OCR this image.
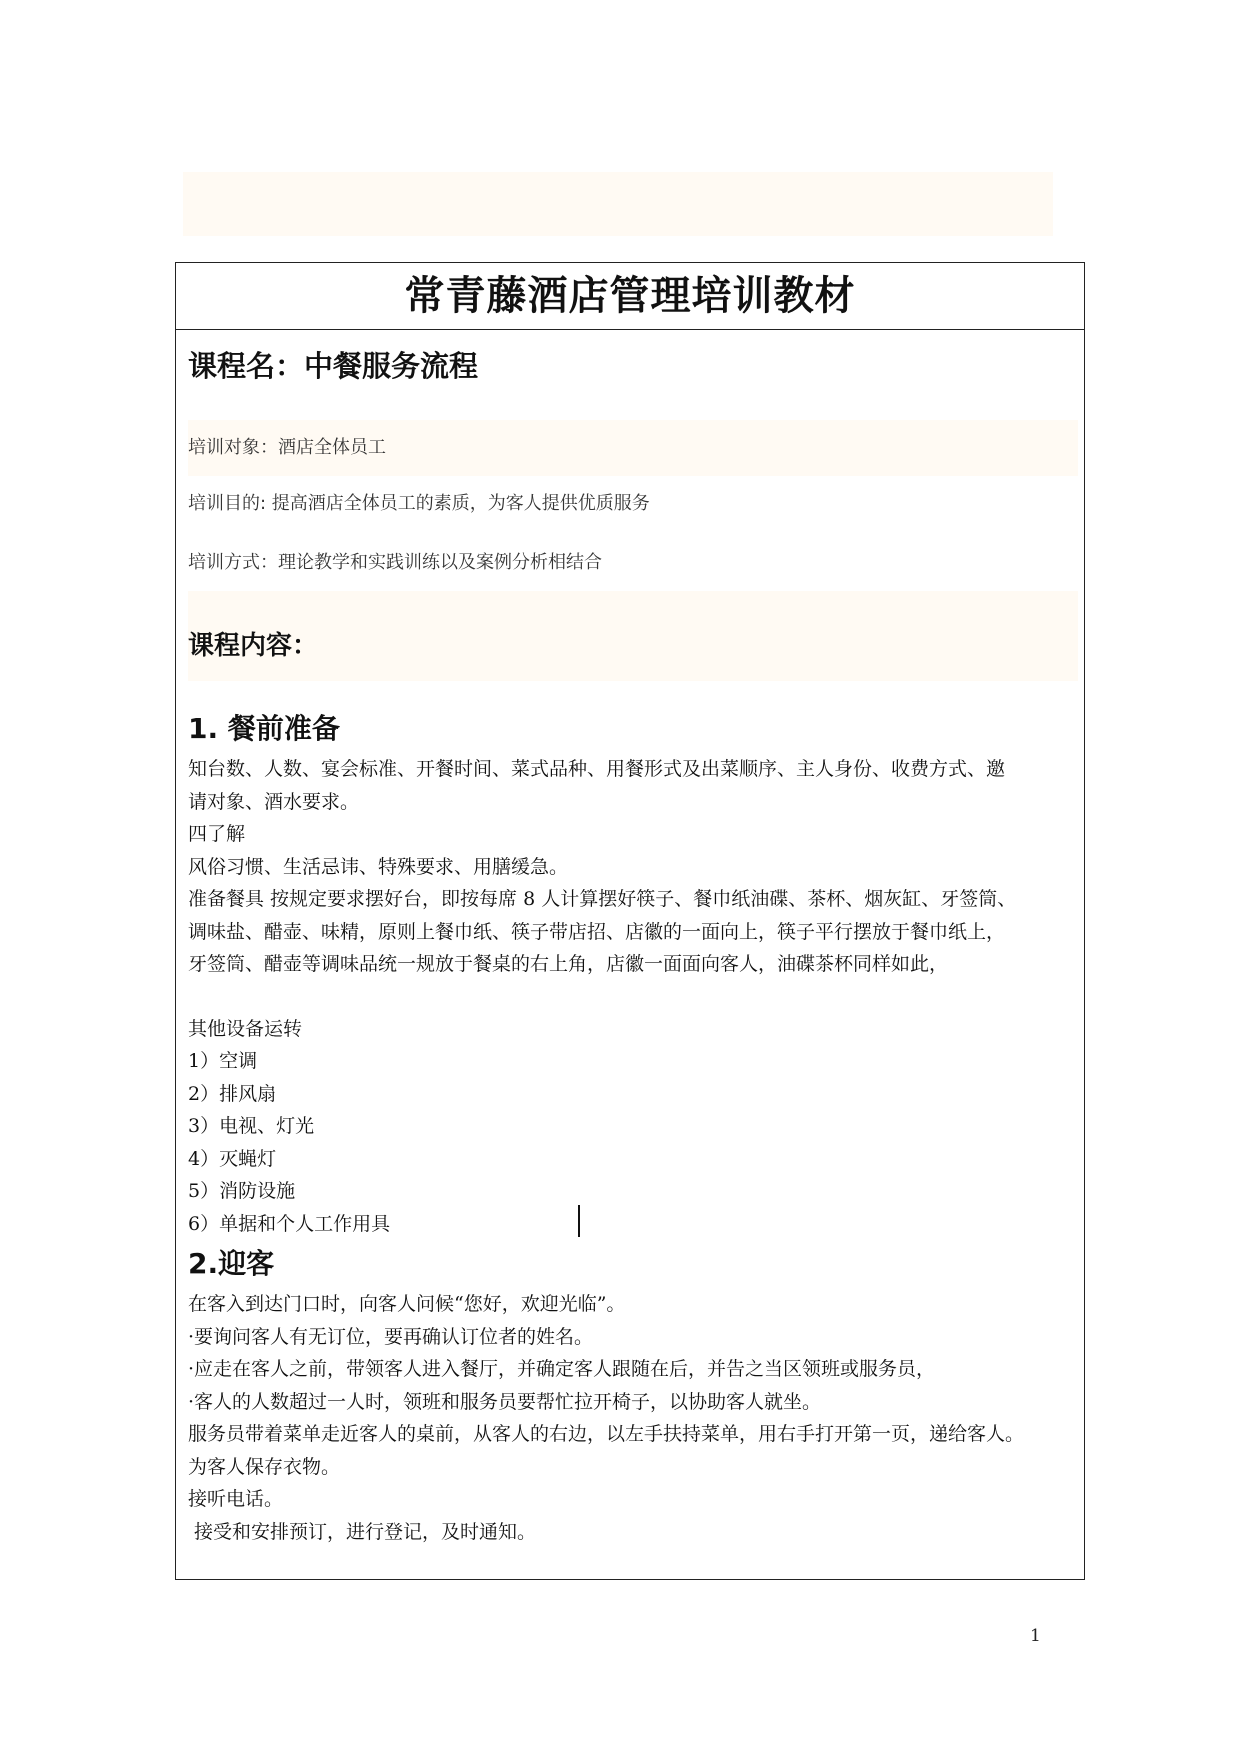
常青藤酒店管理培训教材
课程名：中餐服务流程
培训对象：酒店全体员工
培训目的: 提高酒店全体员工的素质，为客人提供优质服务
培训方式：理论教学和实践训练以及案例分析相结合
课程内容：
1. 餐前准备
知台数、人数、宴会标准、开餐时间、菜式品种、用餐形式及出菜顺序、主人身份、收费方式、邀
请对象、酒水要求。
四了解
风俗习惯、生活忌讳、特殊要求、用膳缓急。
准备餐具 按规定要求摆好台，即按每席 8 人计算摆好筷子、餐巾纸油碟、茶杯、烟灰缸、牙签筒、
调味盐、醋壶、味精，原则上餐巾纸、筷子带店招、店徽的一面向上，筷子平行摆放于餐巾纸上，
牙签筒、醋壶等调味品统一规放于餐桌的右上角，店徽一面面向客人，油碟茶杯同样如此，
其他设备运转
1）空调
2）排风扇
3）电视、灯光
4）灭蝇灯
5）消防设施
6）单据和个人工作用具
2.迎客
在客入到达门口时，向客人问候“您好，欢迎光临”。
·要询问客人有无订位，要再确认订位者的姓名。
·应走在客人之前，带领客人进入餐厅，并确定客人跟随在后，并告之当区领班或服务员，
·客人的人数超过一人时，领班和服务员要帮忙拉开椅子，以协助客人就坐。
服务员带着菜单走近客人的桌前，从客人的右边，以左手扶持菜单，用右手打开第一页，递给客人。
为客人保存衣物。
接听电话。
接受和安排预订，进行登记，及时通知。
1
